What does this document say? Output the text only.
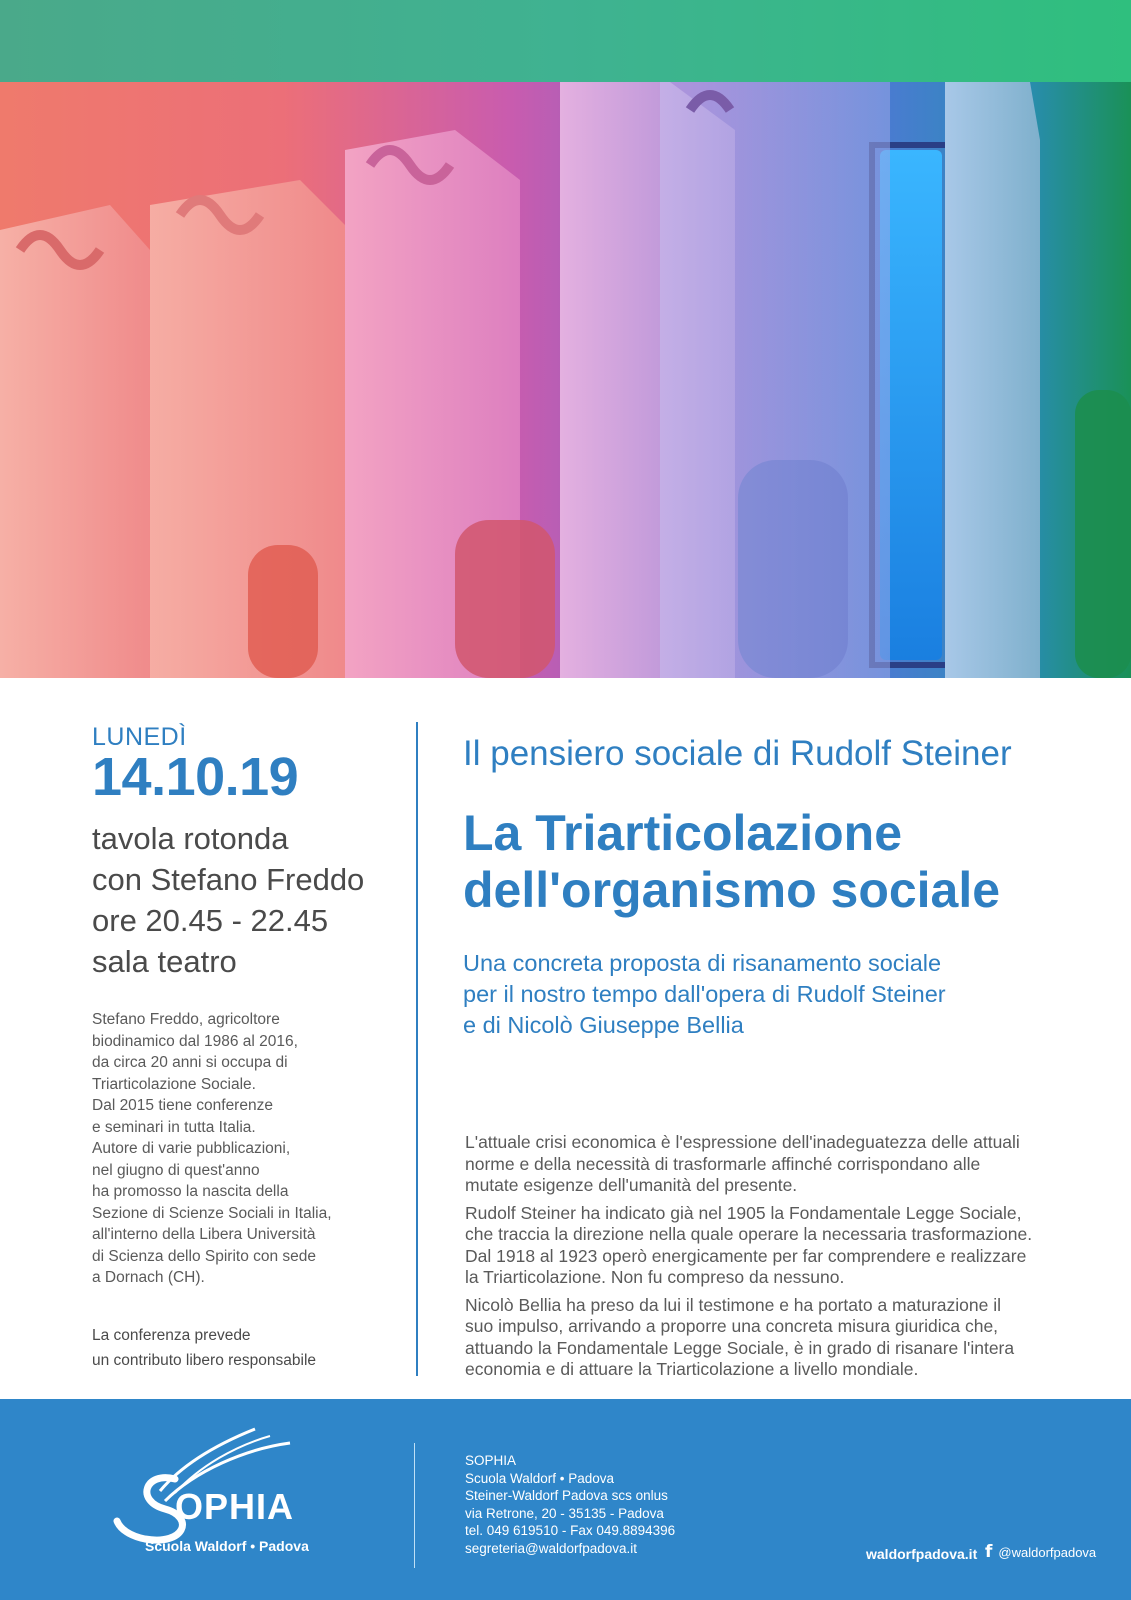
LUNEDÌ
14.10.19
tavola rotonda
con Stefano Freddo
ore 20.45 - 22.45
sala teatro
Stefano Freddo, agricoltore
biodinamico dal 1986 al 2016,
da circa 20 anni si occupa di
Triarticolazione Sociale.
Dal 2015 tiene conferenze
e seminari in tutta Italia.
Autore di varie pubblicazioni,
nel giugno di quest'anno
ha promosso la nascita della
Sezione di Scienze Sociali in Italia,
all'interno della Libera Università
di Scienza dello Spirito con sede
a Dornach (CH).
La conferenza prevede
un contributo libero responsabile
Il pensiero sociale di Rudolf Steiner
La Triarticolazione
dell'organismo sociale
Una concreta proposta di risanamento sociale
per il nostro tempo dall'opera di Rudolf Steiner
e di Nicolò Giuseppe Bellia

L'attuale crisi economica è l'espressione dell'inadeguatezza delle attuali
norme e della necessità di trasformarle affinché corrispondano alle
mutate esigenze dell'umanità del presente.

Rudolf Steiner ha indicato già nel 1905 la Fondamentale Legge Sociale,
che traccia la direzione nella quale operare la necessaria trasformazione.
Dal 1918 al 1923 operò energicamente per far comprendere e realizzare
la Triarticolazione. Non fu compreso da nessuno.

Nicolò Bellia ha preso da lui il testimone e ha portato a maturazione il
suo impulso, arrivando a proporre una concreta misura giuridica che,
attuando la Fondamentale Legge Sociale, è in grado di risanare l'intera
economia e di attuare la Triarticolazione a livello mondiale.

OPHIA
Scuola Waldorf • Padova
SOPHIA
Scuola Waldorf • Padova
Steiner-Waldorf Padova scs onlus
via Retrone, 20 - 35135 - Padova
tel. 049 619510 - Fax 049.8894396
segreteria@waldorfpadova.it	waldorfpadova.it f @waldorfpadova
